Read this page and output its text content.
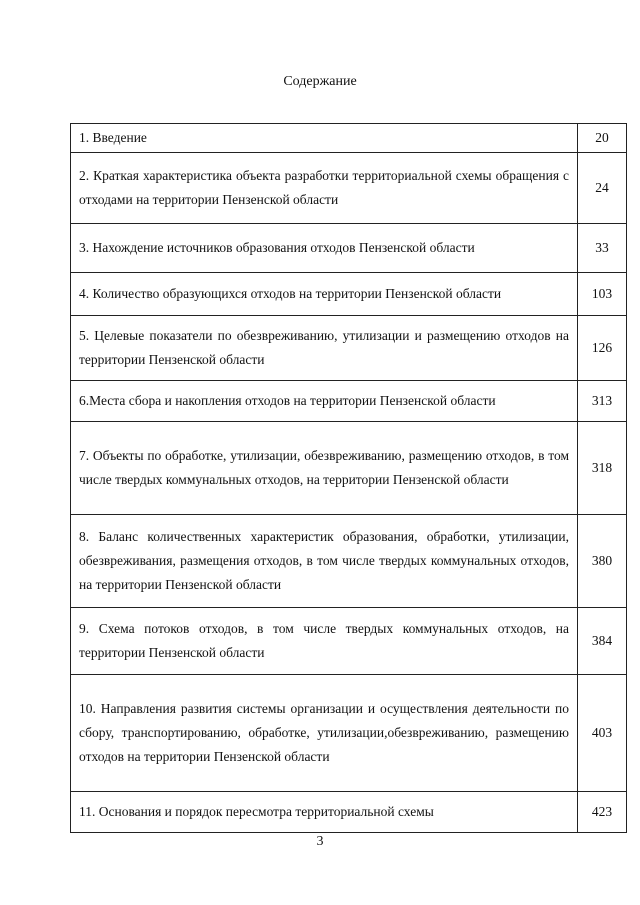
Содержание
1. Введение	20
2. Краткая характеристика объекта разработки территориальной схемы обращения с отходами на территории Пензенской области	24
3. Нахождение источников образования отходов Пензенской области	33
4. Количество образующихся отходов на территории Пензенской области	103
5. Целевые показатели по обезвреживанию, утилизации и размещению отходов на территории Пензенской области	126
6.Места сбора и накопления отходов на территории Пензенской области	313
7. Объекты по обработке, утилизации, обезвреживанию, размещению отходов, в том числе твердых коммунальных отходов, на территории Пензенской области	318
8. Баланс количественных характеристик образования, обработки, утилизации, обезвреживания, размещения отходов, в том числе твердых коммунальных отходов, на территории Пензенской области	380
9. Схема потоков отходов, в том числе твердых коммунальных отходов, на территории Пензенской области	384
10. Направления развития системы организации и осуществления деятельности по сбору, транспортированию, обработке, утилизации,обезвреживанию, размещению отходов на территории Пензенской области	403
11. Основания и порядок пересмотра территориальной схемы	423
3
